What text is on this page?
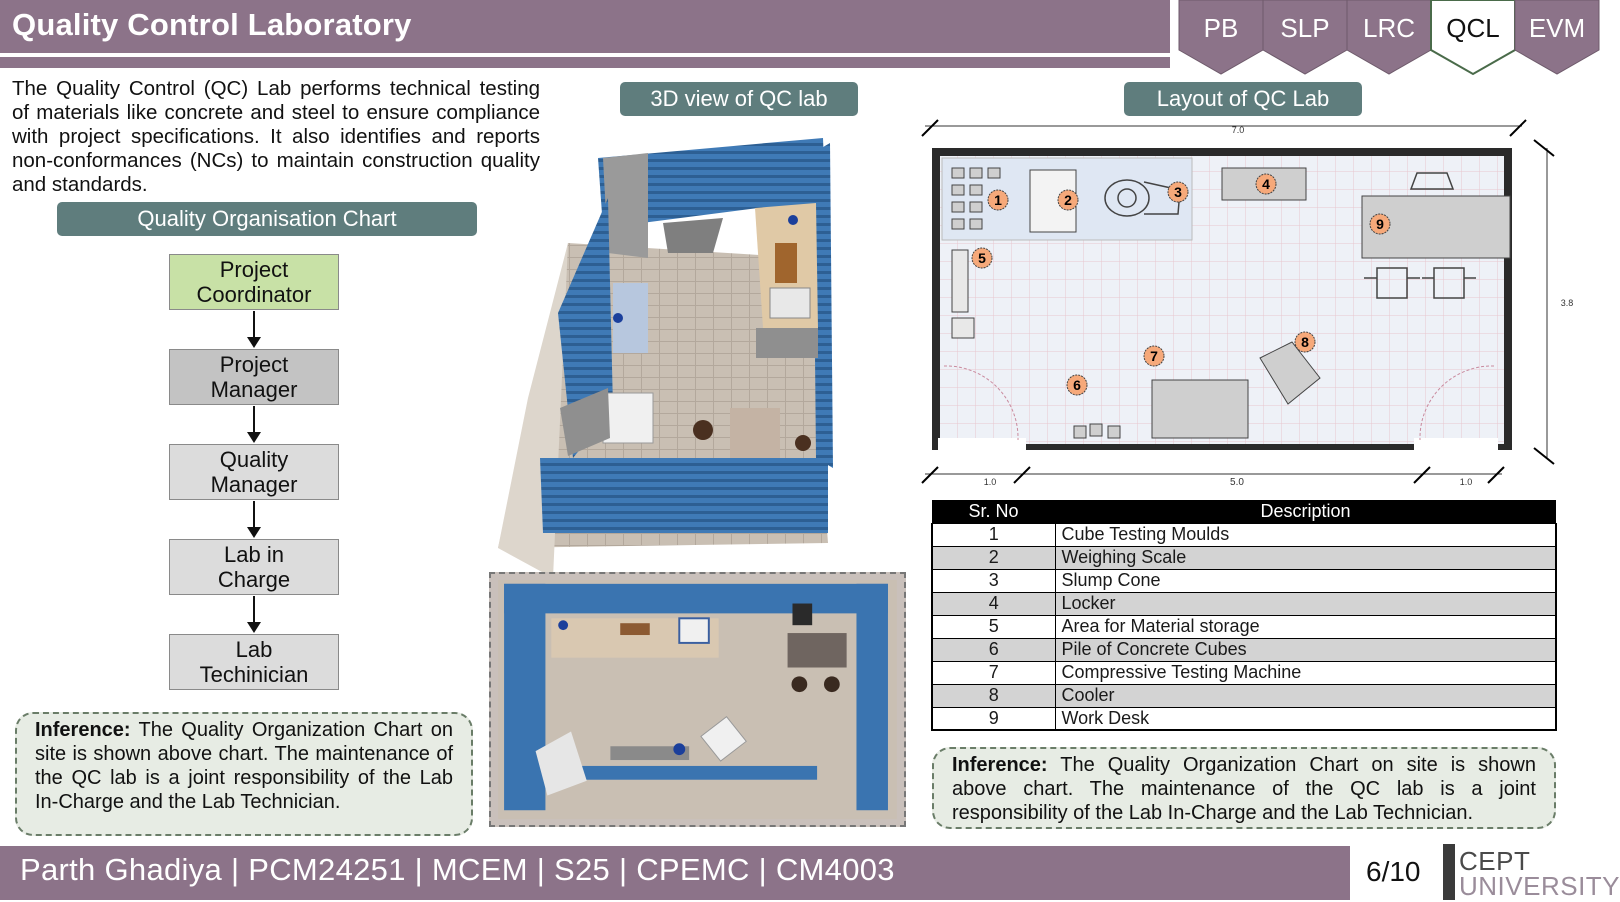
Quality Control Laboratory	PB	SLP	LRC	QCL	EVM

The Quality Control (QC) Lab performs technical testing of materials like concrete and steel to ensure compliance with project specifications. It also identifies and reports non-conformances (NCs) to maintain construction quality and standards.

Quality Organisation Chart
Project
Coordinator
Project
Manager
Quality
Manager
Lab in
Charge
Lab
Techinician
Inference: The Quality Organization Chart on site is shown above chart. The maintenance of the QC lab is a joint responsibility of the Lab In-Charge and the Lab Technician.
3D view of QC lab	Layout of QC Lab
1	2	3	4
5
6
7
8
9
7.0
3.8
1.0	5.0	1.0
Sr. No	Description
1	Cube Testing Moulds
2	Weighing Scale
3	Slump Cone
4	Locker
5	Area for Material storage
6	Pile of Concrete Cubes
7	Compressive Testing Machine
8	Cooler
9	Work Desk
Inference: The Quality Organization Chart on site is shown above chart. The maintenance of the QC lab is a joint responsibility of the Lab In-Charge and the Lab Technician.
Parth Ghadiya | PCM24251 | MCEM | S25 | CPEMC | CM4003	6/10 CEPT
UNIVERSITY
